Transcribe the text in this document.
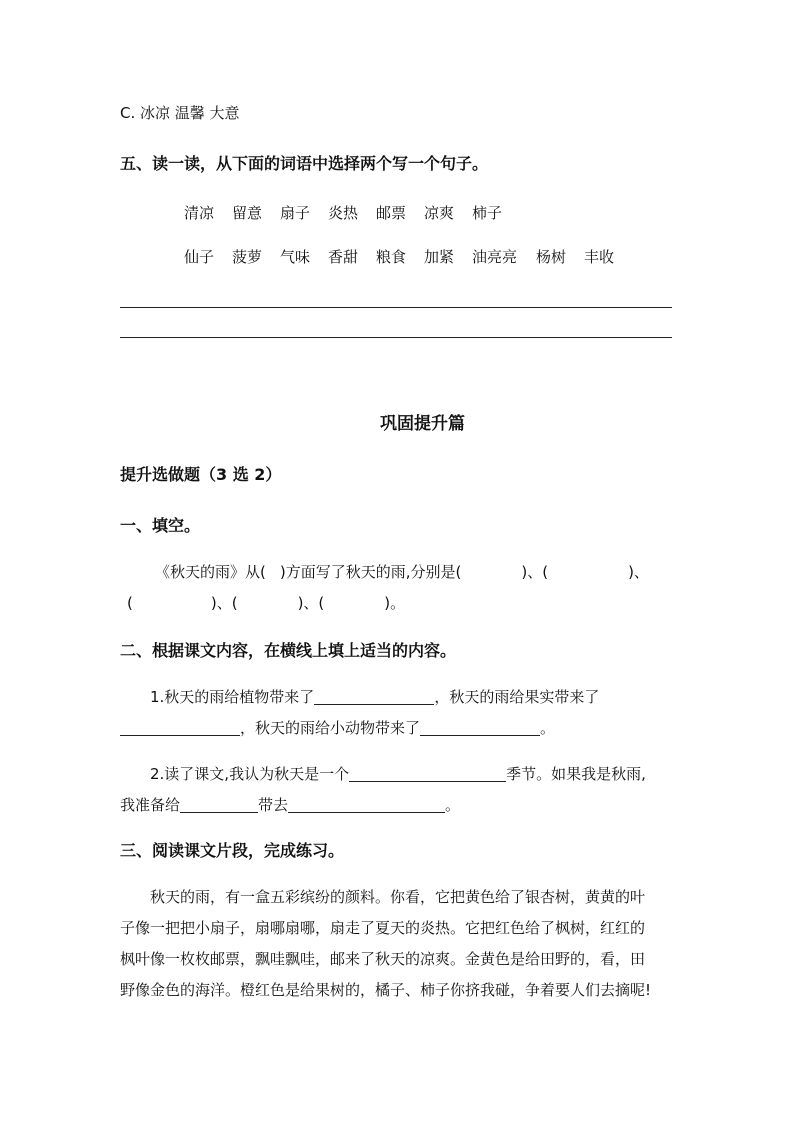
C. 冰凉 温馨 大意
五、读一读，从下面的词语中选择两个写一个句子。
清凉 留意 扇子 炎热 邮票 凉爽 柿子
仙子 菠萝 气味 香甜 粮食 加紧 油亮亮 杨树 丰收
巩固提升篇
提升选做题（3 选 2）
一、填空。
《秋天的雨》从( )方面写了秋天的雨,分别是(	)、(	)、
(	)、(	)、(	)。
二、根据课文内容，在横线上填上适当的内容。
1.秋天的雨给植物带来了	，秋天的雨给果实带来了
，秋天的雨给小动物带来了	。
2.读了课文,我认为秋天是一个	季节。如果我是秋雨,
我准备给	带去	。
三、阅读课文片段，完成练习。
秋天的雨，有一盒五彩缤纷的颜料。你看，它把黄色给了银杏树，黄黄的叶
子像一把把小扇子，扇哪扇哪，扇走了夏天的炎热。它把红色给了枫树，红红的
枫叶像一枚枚邮票，飘哇飘哇，邮来了秋天的凉爽。金黄色是给田野的，看，田
野像金色的海洋。橙红色是给果树的，橘子、柿子你挤我碰，争着要人们去摘呢!
